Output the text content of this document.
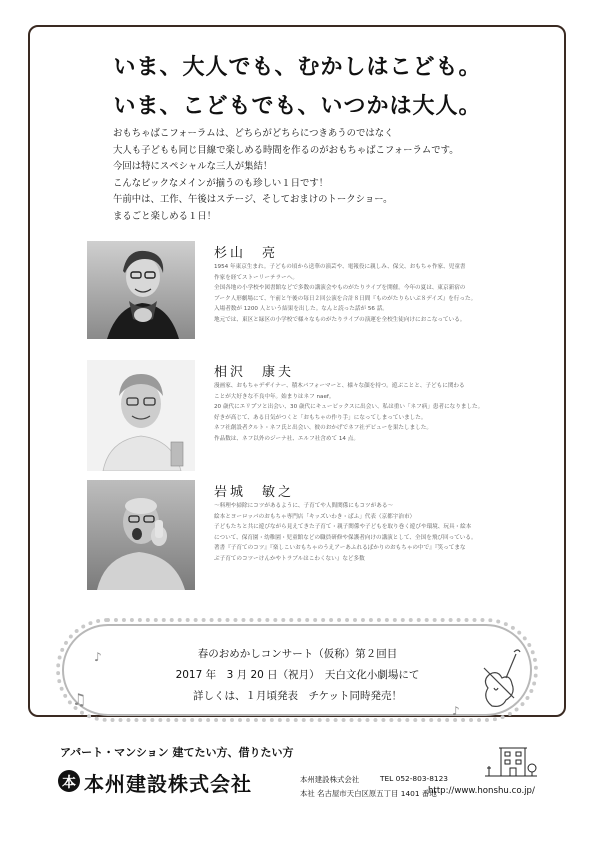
いま、大人でも、むかしはこども。
いま、こどもでも、いつかは大人。
おもちゃばこフォーラムは、どちらがどちらにつきあうのではなく
大人も子どもも同じ目線で楽しめる時間を作るのがおもちゃばこフォーラムです。
今回は特にスペシャルな三人が集結！
こんなビックなメインが揃うのも珍しい１日です！
午前中は、工作、午後はステージ、そしておまけのトークショー。
まるごと楽しめる１日！
杉山　亮
1954 年東京生まれ。子どもの頃から送華の演芸や、電報役に親しみ、保父、おもちゃ作家、児童書
作家を経てストーリーテラーへ。
全国各地の小学校や図書館などで多数の講演会やものがたりライブを開催。今年の夏は、東京新宿の
ブーク人形劇場にて、午前と午後の毎日２回公演を合計８日間『ものがたりらいぶ８デイズ』を行った。
入場者数が 1200 人という結果を出した。なんと読った話が 56 話。
地元では、東区と緑区の小学校で様々なものがたりライブの演運を全校生徒向けにおこなっている。
相沢　康夫
漫画家、おもちゃデザイナー、積木パフォーマーと、様々な顔を持つ。遊ぶことと、子どもに関わる
ことが大好きな不良中年。始まりはネフ naef。
20 歳代にエリプソと出会い、30 歳代にキュービックスに出会い、私は重い「ネフ病」患者になりました。
好きが高じて、ある日気がつくと「おもちゃの作り手」になってしまっていました。
ネフ社創設者クルト・ネフ氏と出会い、彼のおかげでネフ社デビューを果たしました。
作品数は、ネフ以外のジーナ社、エルフ社含めて 14 点。
岩城　敏之
～料理や掃除にコツがあるように、子育てや人間関係にもコツがある～
絵本とヨーロッパのおもちゃ専門店「キッズいわき・ぱふ」代表（京都宇治市）
子どもたちと共に遊びながら見えてきた子育て・親子関係や子どもを取り巻く遊びや環境、玩具・絵本
について、保育園・幼稚園・児童館などの職員研修や保護者向けの講演として、全国を飛び回っている。
著書『子育てのコツ』『楽しこいおもちゃのうえアーあふれるばかりのおもちゃの中で』『笑ってまな
ぶ子育てのコツーけんかやトラブルはこわくない』など多数
春のおめかしコンサート（仮称）第２回目
2017 年　3 月 20 日（祝月）　天白文化小劇場にて
詳しくは、１月頃発表　チケット同時発売！
♪
♫
♪
アパート・マンション 建てたい方、借りたい方
本 本州建設株式会社	本州建設株式会社	TEL 052-803-8123
本社 名古屋市天白区原五丁目 1401 番地
http://www.honshu.co.jp/
